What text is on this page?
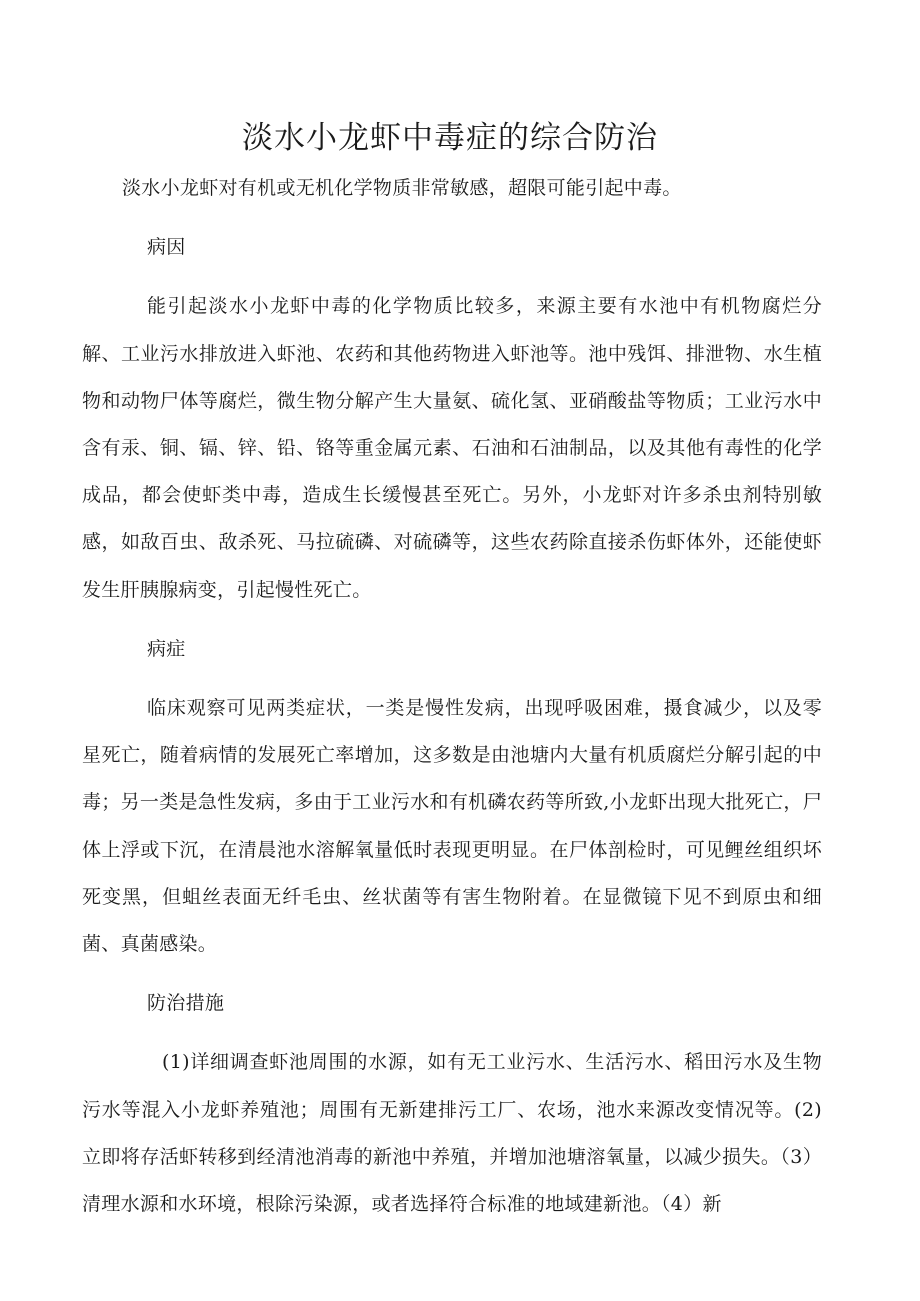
淡水小龙虾中毒症的综合防治

淡水小龙虾对有机或无机化学物质非常敏感，超限可能引起中毒。

病因

能引起淡水小龙虾中毒的化学物质比较多，来源主要有水池中有机物腐烂分解、工业污水排放进入虾池、农药和其他药物进入虾池等。池中残饵、排泄物、水生植物和动物尸体等腐烂，微生物分解产生大量氨、硫化氢、亚硝酸盐等物质；工业污水中含有汞、铜、镉、锌、铅、铬等重金属元素、石油和石油制品，以及其他有毒性的化学成品，都会使虾类中毒，造成生长缓慢甚至死亡。另外，小龙虾对许多杀虫剂特别敏感，如敌百虫、敌杀死、马拉硫磷、对硫磷等，这些农药除直接杀伤虾体外，还能使虾发生肝胰腺病变，引起慢性死亡。

病症

临床观察可见两类症状，一类是慢性发病，出现呼吸困难，摄食减少，以及零星死亡，随着病情的发展死亡率增加，这多数是由池塘内大量有机质腐烂分解引起的中毒；另一类是急性发病，多由于工业污水和有机磷农药等所致,小龙虾出现大批死亡，尸体上浮或下沉，在清晨池水溶解氧量低时表现更明显。在尸体剖检时，可见鲤丝组织坏死变黑，但蛆丝表面无纤毛虫、丝状菌等有害生物附着。在显微镜下见不到原虫和细菌、真菌感染。

防治措施

(1)详细调查虾池周围的水源，如有无工业污水、生活污水、稻田污水及生物污水等混入小龙虾养殖池；周围有无新建排污工厂、农场，池水来源改变情况等。(2)立即将存活虾转移到经清池消毒的新池中养殖，并增加池塘溶氧量，以减少损失。（3）清理水源和水环境，根除污染源，或者选择符合标准的地域建新池。（4）新
